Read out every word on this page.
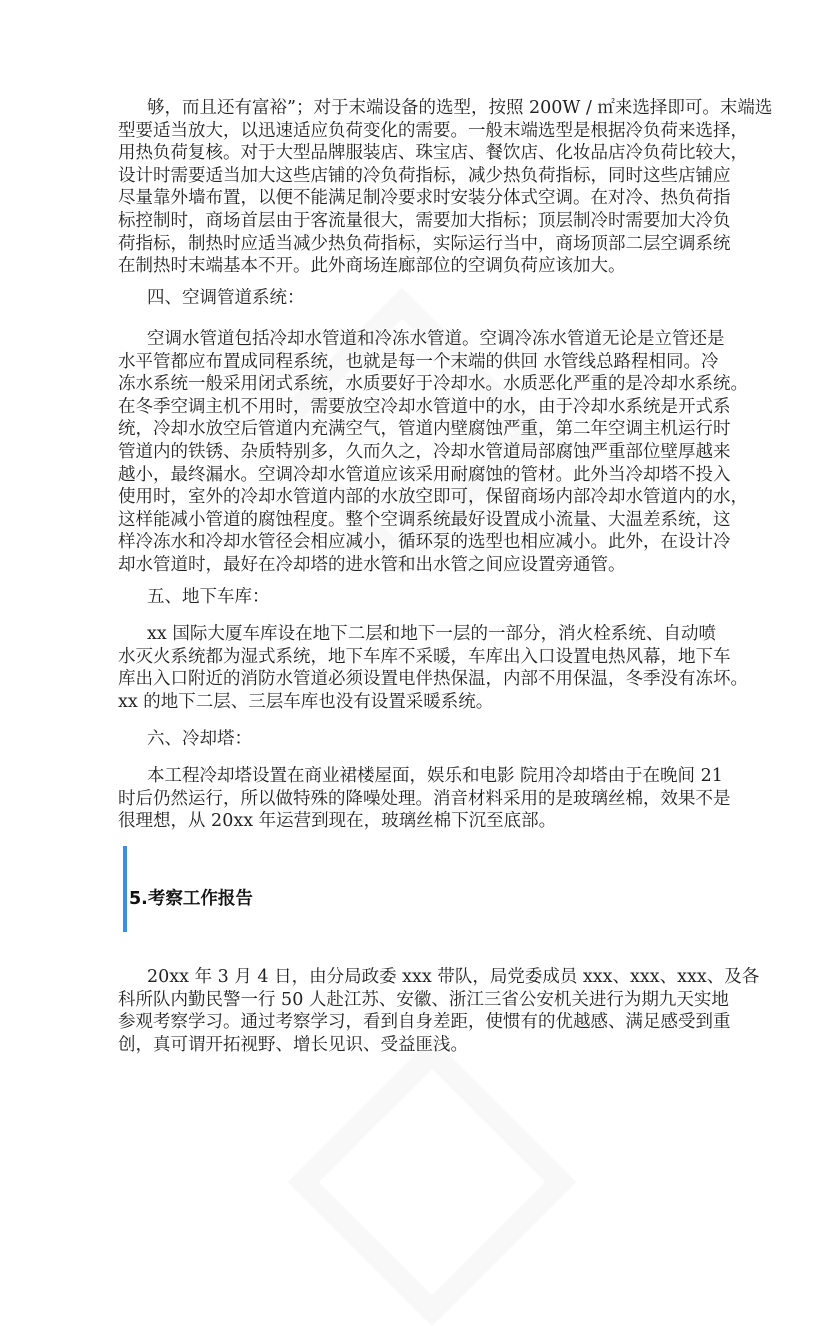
够，而且还有富裕”；对于末端设备的选型，按照 200W / ㎡来选择即可。末端选
型要适当放大，以迅速适应负荷变化的需要。一般末端选型是根据冷负荷来选择，
用热负荷复核。对于大型品牌服装店、珠宝店、餐饮店、化妆品店冷负荷比较大，
设计时需要适当加大这些店铺的冷负荷指标，减少热负荷指标，同时这些店铺应
尽量靠外墙布置，以便不能满足制冷要求时安装分体式空调。在对冷、热负荷指
标控制时，商场首层由于客流量很大，需要加大指标；顶层制冷时需要加大冷负
荷指标，制热时应适当减少热负荷指标，实际运行当中，商场顶部二层空调系统
在制热时末端基本不开。此外商场连廊部位的空调负荷应该加大。
四、空调管道系统：
空调水管道包括冷却水管道和冷冻水管道。空调冷冻水管道无论是立管还是
水平管都应布置成同程系统，也就是每一个末端的供回 水管线总路程相同。冷
冻水系统一般采用闭式系统，水质要好于冷却水。水质恶化严重的是冷却水系统。
在冬季空调主机不用时，需要放空冷却水管道中的水，由于冷却水系统是开式系
统，冷却水放空后管道内充满空气，管道内壁腐蚀严重，第二年空调主机运行时
管道内的铁锈、杂质特别多，久而久之，冷却水管道局部腐蚀严重部位壁厚越来
越小，最终漏水。空调冷却水管道应该采用耐腐蚀的管材。此外当冷却塔不投入
使用时，室外的冷却水管道内部的水放空即可，保留商场内部冷却水管道内的水，
这样能减小管道的腐蚀程度。整个空调系统最好设置成小流量、大温差系统，这
样冷冻水和冷却水管径会相应减小，循环泵的选型也相应减小。此外，在设计冷
却水管道时，最好在冷却塔的进水管和出水管之间应设置旁通管。
五、地下车库：
xx 国际大厦车库设在地下二层和地下一层的一部分，消火栓系统、自动喷
水灭火系统都为湿式系统，地下车库不采暖，车库出入口设置电热风幕，地下车
库出入口附近的消防水管道必须设置电伴热保温，内部不用保温，冬季没有冻坏。
xx 的地下二层、三层车库也没有设置采暖系统。
六、冷却塔：
本工程冷却塔设置在商业裙楼屋面，娱乐和电影 院用冷却塔由于在晚间 21
时后仍然运行，所以做特殊的降噪处理。消音材料采用的是玻璃丝棉，效果不是
很理想，从 20xx 年运营到现在，玻璃丝棉下沉至底部。
5.考察工作报告
20xx 年 3 月 4 日，由分局政委 xxx 带队，局党委成员 xxx、xxx、xxx、及各
科所队内勤民警一行 50 人赴江苏、安徽、浙江三省公安机关进行为期九天实地
参观考察学习。通过考察学习，看到自身差距，使惯有的优越感、满足感受到重
创，真可谓开拓视野、增长见识、受益匪浅。
